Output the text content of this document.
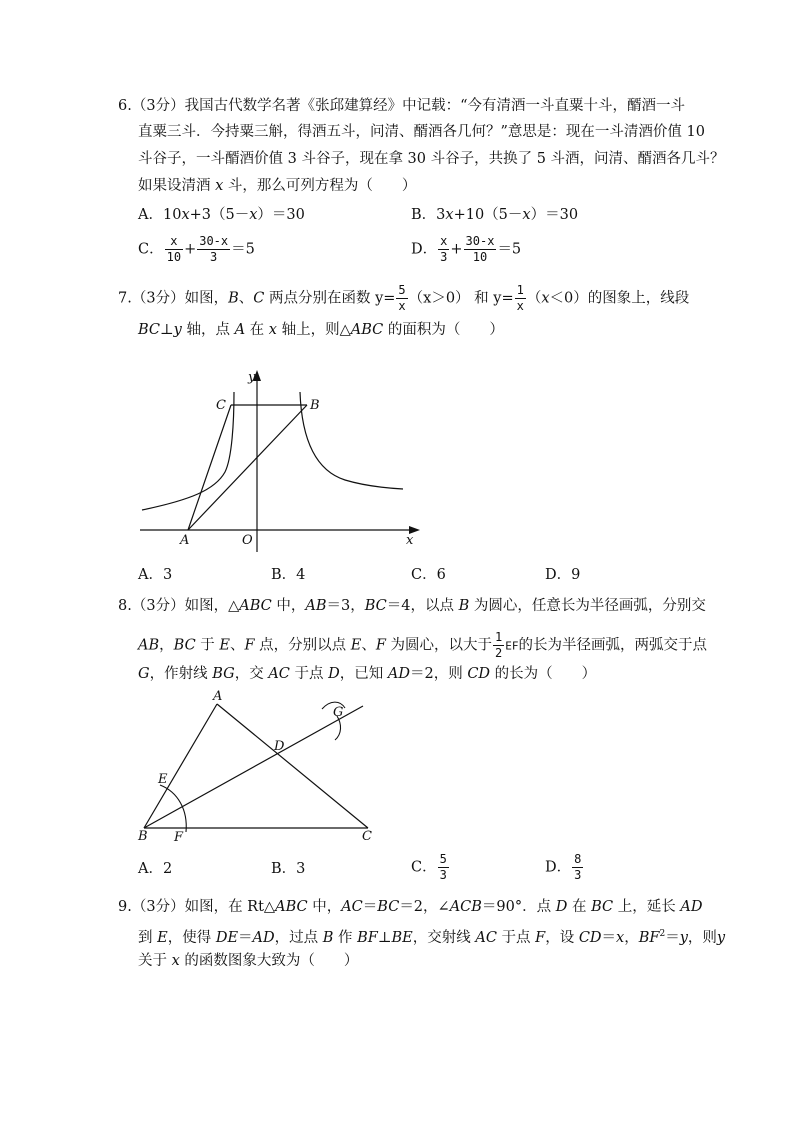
6.（3分）我国古代数学名著《张邱建算经》中记载：“今有清酒一斗直粟十斗，醑酒一斗
直粟三斗．今持粟三斛，得酒五斗，问清、醑酒各几何？”意思是：现在一斗清酒价值 10
斗谷子，一斗醑酒价值 3 斗谷子，现在拿 30 斗谷子，共换了 5 斗酒，问清、醑酒各几斗？
如果设清酒 x 斗，那么可列方程为（　　）
A．10x+3（5－x）＝30	B．3x+10（5－x）＝30
C． $\frac{x}{10} + \frac{30-x}{3} =5$	D． $\frac{x}{3} + \frac{30-x}{10} =5$
7.（3分）如图，B、C 两点分别在函数 $y= \frac{5}{x} (x>0)$ 和 $y= \frac{1}{x} (x<0)$的图象上，线段
BC⊥y 轴，点 A 在 x 轴上，则△ABC 的面积为（　　）
y
x
O
A
C	B
A．3	B．4	C．6	D．9
8.（3分）如图，△ABC 中，AB＝3，BC＝4，以点 B 为圆心，任意长为半径画弧，分别交
AB，BC 于 E、F 点，分别以点 E、F 为圆心，以大于 $\frac{1}{2}$ EF的长为半径画弧，两弧交于点
G，作射线 BG，交 AC 于点 D，已知 AD＝2，则 CD 的长为（　　）
A
B	C
D
E
F
G
A．2	B．3	C． $\frac{5}{3}$	D． $\frac{8}{3}$
9.（3分）如图，在 Rt△ABC 中，AC＝BC＝2，∠ACB＝90°．点 D 在 BC 上，延长 AD
到 E，使得 DE＝AD，过点 B 作 BF⊥BE，交射线 AC 于点 F，设 CD＝x，$BF^2=y$，则y
关于 x 的函数图象大致为（　　）
